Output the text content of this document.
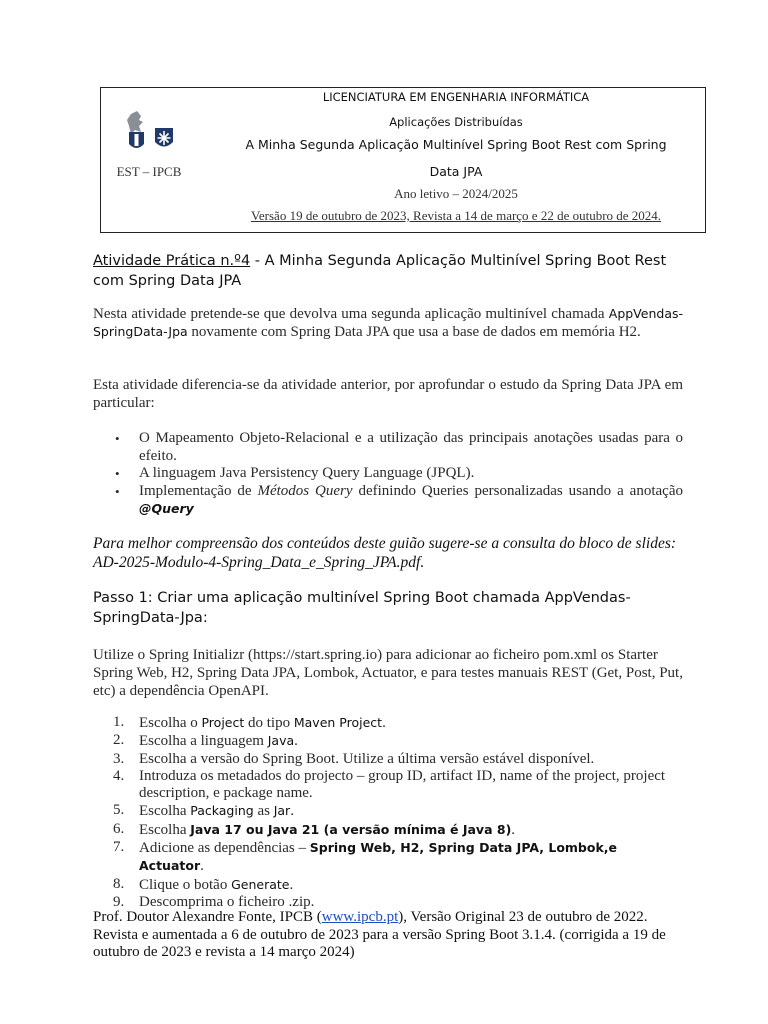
EST – IPCB
LICENCIATURA EM ENGENHARIA INFORMÁTICA
Aplicações Distribuídas
A Minha Segunda Aplicação Multinível Spring Boot Rest com Spring
Data JPA
Ano letivo – 2024/2025
Versão 19 de outubro de 2023, Revista a 14 de março e 22 de outubro de 2024.
Atividade Prática n.º4 - A Minha Segunda Aplicação Multinível Spring Boot Rest com Spring Data JPA

Nesta atividade pretende-se que devolva uma segunda aplicação multinível chamada AppVendas-SpringData-Jpa novamente com Spring Data JPA que usa a base de dados em memória H2.

Esta atividade diferencia-se da atividade anterior, por aprofundar o estudo da Spring Data JPA em particular:

• O Mapeamento Objeto-Relacional e a utilização das principais anotações usadas para o efeito.
• A linguagem Java Persistency Query Language (JPQL).
• Implementação de Métodos Query definindo Queries personalizadas usando a anotação @Query

Para melhor compreensão dos conteúdos deste guião sugere-se a consulta do bloco de slides: AD-2025-Modulo-4-Spring_Data_e_Spring_JPA.pdf.

Passo 1: Criar uma aplicação multinível Spring Boot chamada AppVendas-SpringData-Jpa:

Utilize o Spring Initializr (https://start.spring.io) para adicionar ao ficheiro pom.xml os Starter Spring Web, H2, Spring Data JPA, Lombok, Actuator, e para testes manuais REST (Get, Post, Put, etc) a dependência OpenAPI.

1. Escolha o Project do tipo Maven Project.
2. Escolha a linguagem Java.
3. Escolha a versão do Spring Boot. Utilize a última versão estável disponível.
4. Introduza os metadados do projecto – group ID, artifact ID, name of the project, project description, e package name.
5. Escolha Packaging as Jar.
6. Escolha Java 17 ou Java 21 (a versão mínima é Java 8).
7. Adicione as dependências – Spring Web, H2, Spring Data JPA, Lombok,e Actuator.
8. Clique o botão Generate.
9. Descomprima o ficheiro .zip.

Prof. Doutor Alexandre Fonte, IPCB (www.ipcb.pt), Versão Original 23 de outubro de 2022. Revista e aumentada a 6 de outubro de 2023 para a versão Spring Boot 3.1.4. (corrigida a 19 de outubro de 2023 e revista a 14 março 2024)
